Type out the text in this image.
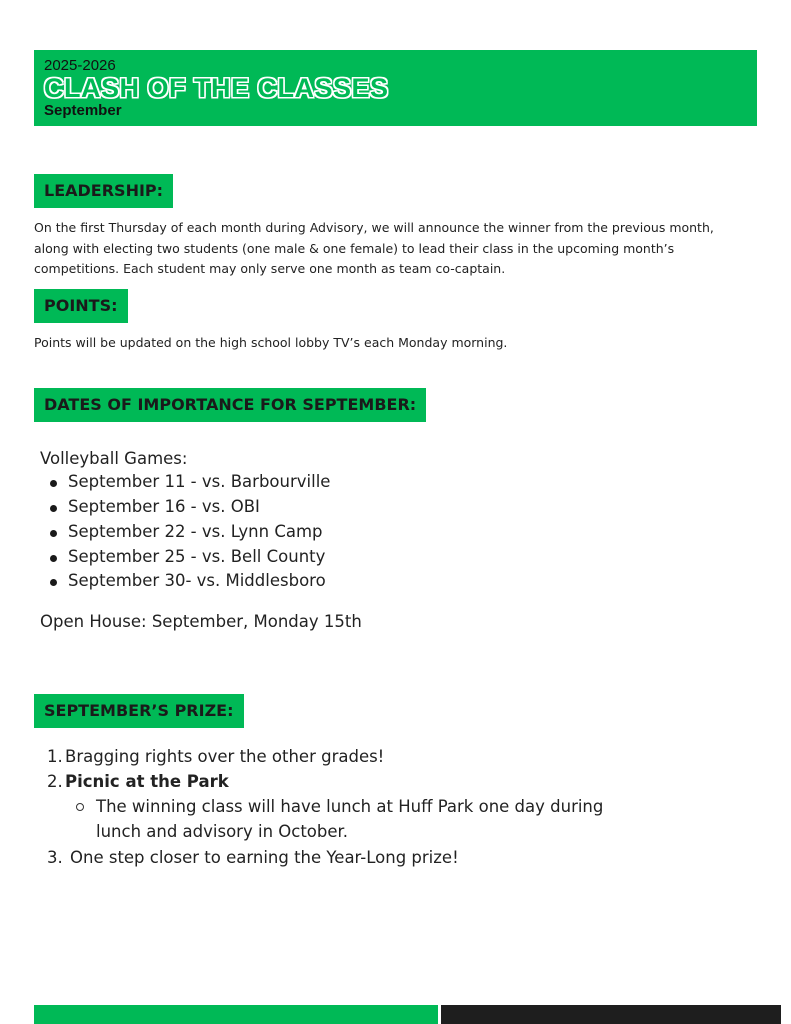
2025-2026
CLASH OF THE CLASSES
September
LEADERSHIP:
On the first Thursday of each month during Advisory, we will announce the winner from the previous month,
along with electing two students (one male & one female) to lead their class in the upcoming month’s
competitions. Each student may only serve one month as team co-captain.
POINTS:
Points will be updated on the high school lobby TV’s each Monday morning.
DATES OF IMPORTANCE FOR SEPTEMBER:
Volleyball Games:
September 11 - vs. Barbourville
September 16 - vs. OBI
September 22 - vs. Lynn Camp
September 25 - vs. Bell County
September 30- vs. Middlesboro
Open House: September, Monday 15th
SEPTEMBER’S PRIZE:
1. Bragging rights over the other grades!
2. Picnic at the Park
The winning class will have lunch at Huff Park one day during
lunch and advisory in October.
3. One step closer to earning the Year-Long prize!
